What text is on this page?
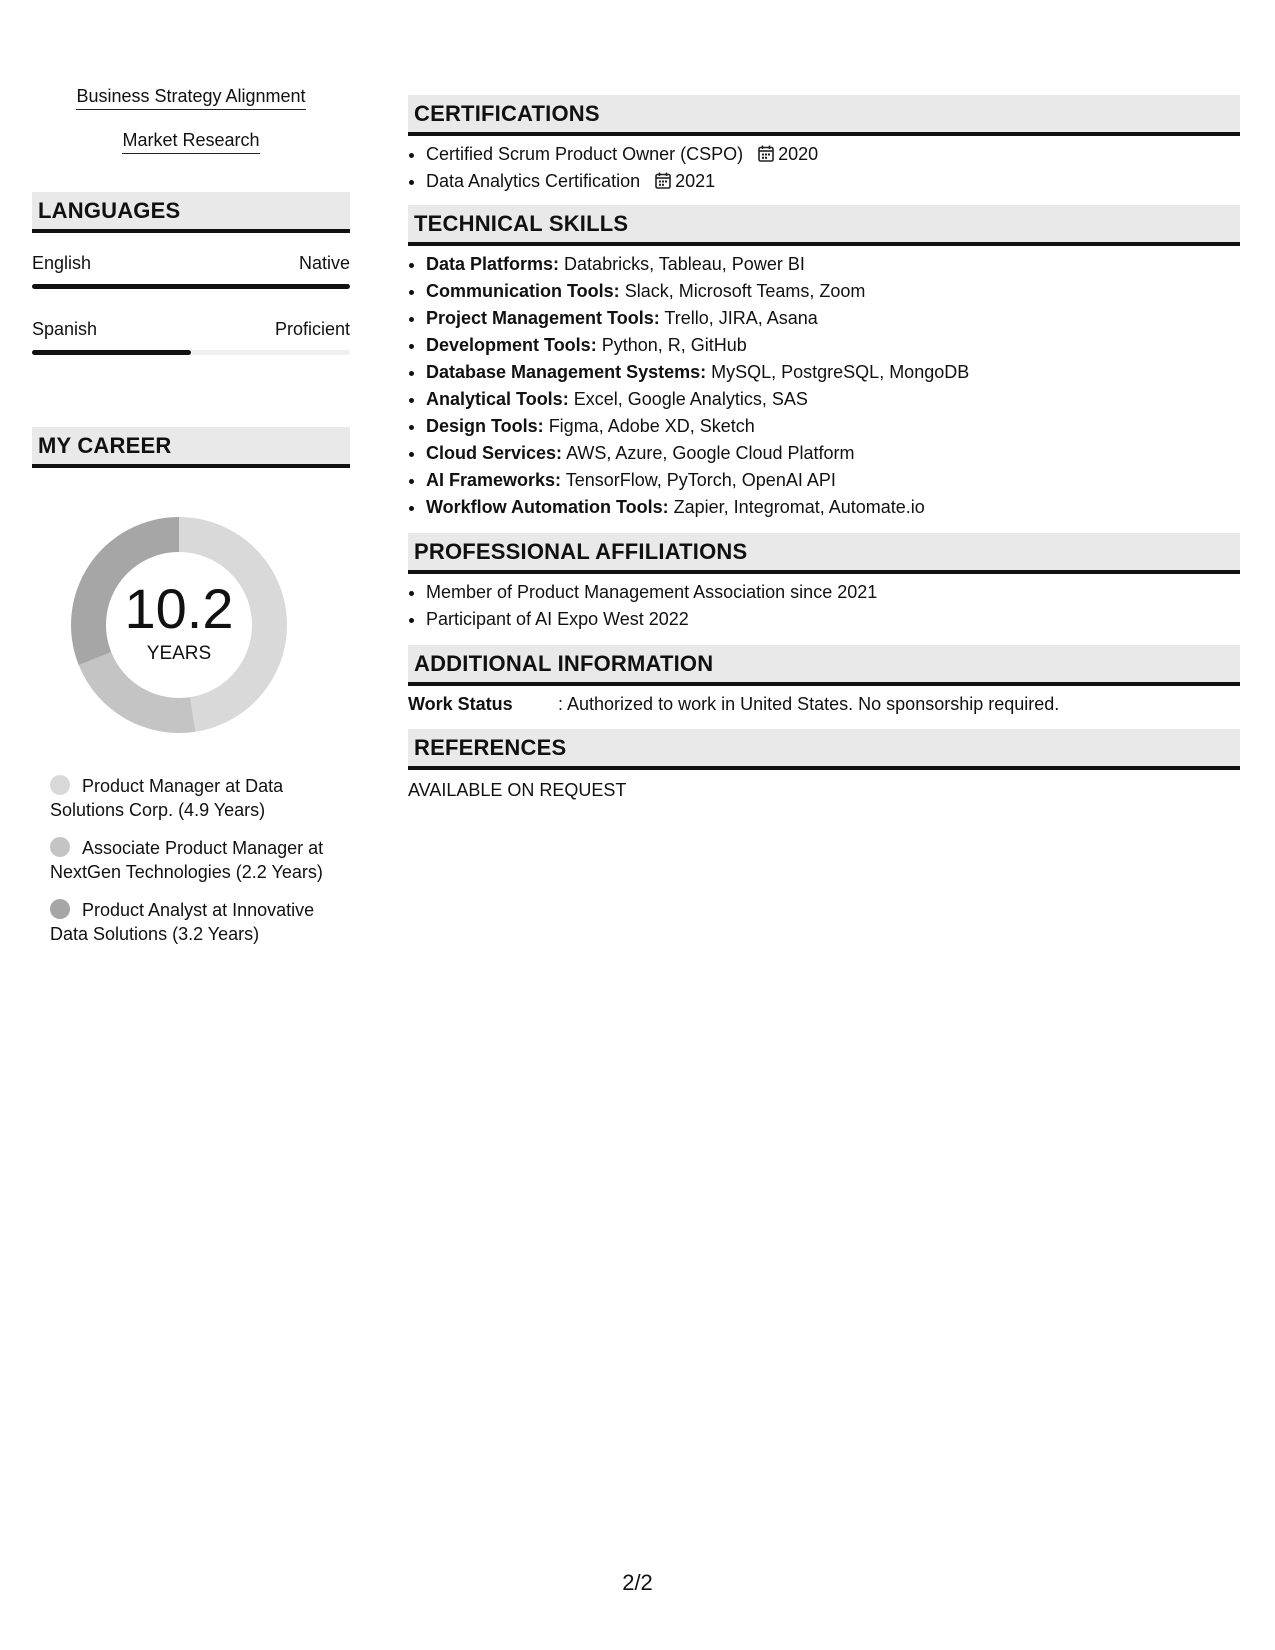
Business Strategy Alignment
Market Research
LANGUAGES
English	Native
Spanish	Proficient
MY CAREER
10.2
YEARS
Product Manager at Data Solutions Corp. (4.9 Years)
Associate Product Manager at NextGen Technologies (2.2 Years)
Product Analyst at Innovative Data Solutions (3.2 Years)
CERTIFICATIONS
• Certified Scrum Product Owner (CSPO) 2020
• Data Analytics Certification 2021
TECHNICAL SKILLS
• Data Platforms: Databricks, Tableau, Power BI
• Communication Tools: Slack, Microsoft Teams, Zoom
• Project Management Tools: Trello, JIRA, Asana
• Development Tools: Python, R, GitHub
• Database Management Systems: MySQL, PostgreSQL, MongoDB
• Analytical Tools: Excel, Google Analytics, SAS
• Design Tools: Figma, Adobe XD, Sketch
• Cloud Services: AWS, Azure, Google Cloud Platform
• AI Frameworks: TensorFlow, PyTorch, OpenAI API
• Workflow Automation Tools: Zapier, Integromat, Automate.io
PROFESSIONAL AFFILIATIONS
• Member of Product Management Association since 2021
• Participant of AI Expo West 2022
ADDITIONAL INFORMATION
Work Status	: Authorized to work in United States. No sponsorship required.
REFERENCES
AVAILABLE ON REQUEST
2/2
